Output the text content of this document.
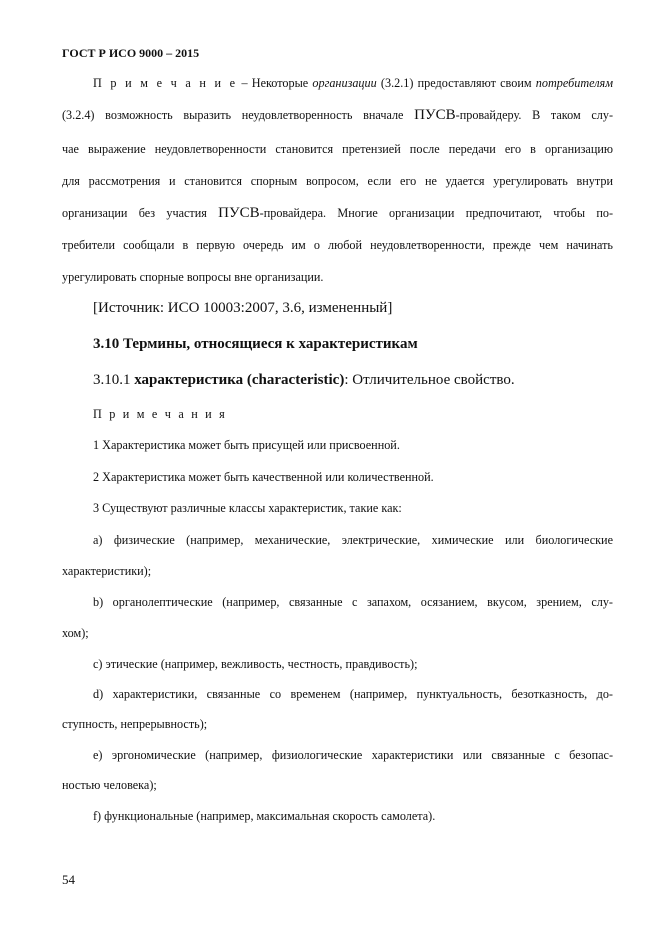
ГОСТ Р ИСО 9000 – 2015
П р и м е ч а н и е – Некоторые организации (3.2.1) предоставляют своим потребителям
(3.2.4) возможность выразить неудовлетворенность вначале ПУСВ-провайдеру. В таком слу-
чае выражение неудовлетворенности становится претензией после передачи его в организацию
для рассмотрения и становится спорным вопросом, если его не удается урегулировать внутри
организации без участия ПУСВ-провайдера. Многие организации предпочитают, чтобы по-
требители сообщали в первую очередь им о любой неудовлетворенности, прежде чем начинать
урегулировать спорные вопросы вне организации.
[Источник: ИСО 10003:2007, 3.6, измененный]
3.10 Термины, относящиеся к характеристикам
3.10.1 характеристика (characteristic): Отличительное свойство.
П р и м е ч а н и я
1 Характеристика может быть присущей или присвоенной.
2 Характеристика может быть качественной или количественной.
3 Существуют различные классы характеристик, такие как:
a) физические (например, механические, электрические, химические или биологические
характеристики);
b) органолептические (например, связанные с запахом, осязанием, вкусом, зрением, слу-
хом);
c) этические (например, вежливость, честность, правдивость);
d) характеристики, связанные со временем (например, пунктуальность, безотказность, до-
ступность, непрерывность);
e) эргономические (например, физиологические характеристики или связанные с безопас-
ностью человека);
f) функциональные (например, максимальная скорость самолета).
54
